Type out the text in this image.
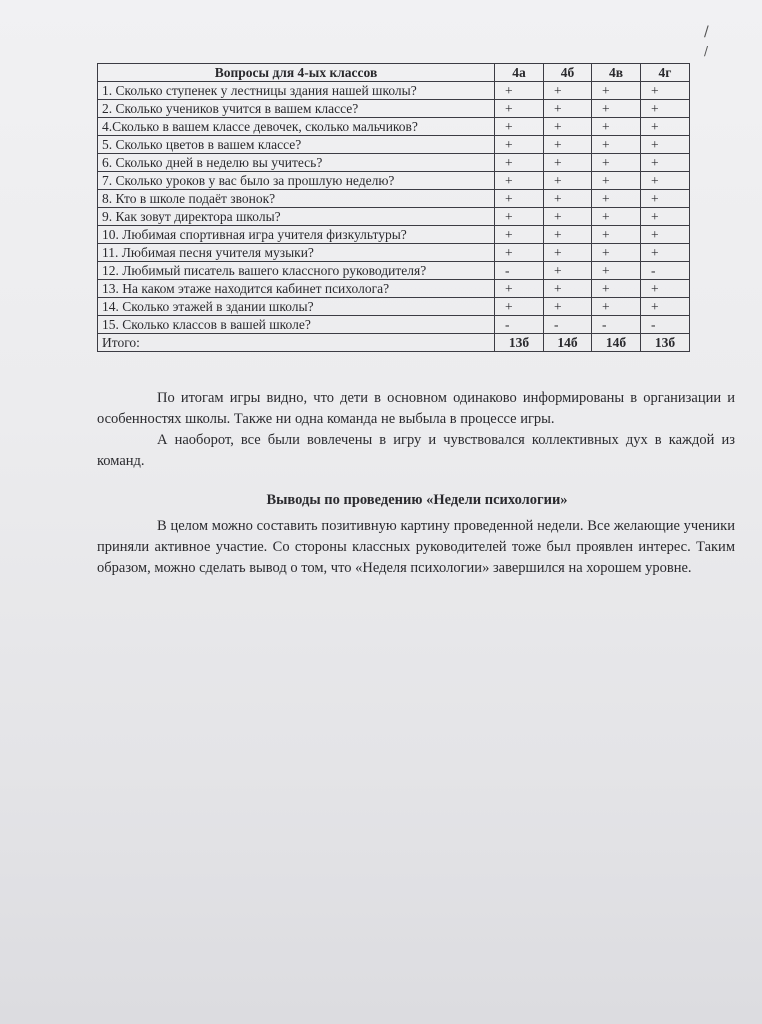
/
/
Вопросы для 4-ых классов	4а	4б	4в	4г
1. Сколько ступенек у лестницы здания нашей школы?	+	+	+	+
2. Сколько учеников учится в вашем классе?	+	+	+	+
4.Сколько в вашем классе девочек, сколько мальчиков?	+	+	+	+
5. Сколько цветов в вашем классе?	+	+	+	+
6. Сколько дней в неделю вы учитесь?	+	+	+	+
7. Сколько уроков у вас было за прошлую неделю?	+	+	+	+
8. Кто в школе подаёт звонок?	+	+	+	+
9. Как зовут директора школы?	+	+	+	+
10. Любимая спортивная игра учителя физкультуры?	+	+	+	+
11. Любимая песня учителя музыки?	+	+	+	+
12. Любимый писатель вашего классного руководителя?	-	+	+	-
13. На каком этаже находится кабинет психолога?	+	+	+	+
14. Сколько этажей в здании школы?	+	+	+	+
15. Сколько классов в вашей школе?	-	-	-	-
Итого:	13б	14б	14б	13б

По итогам игры видно, что дети в основном одинаково информированы в организации и особенностях школы. Также ни одна команда не выбыла в процессе игры.

А наоборот, все были вовлечены в игру и чувствовался коллективных дух в каждой из команд.

Выводы по проведению «Недели психологии»

В целом можно составить позитивную картину проведенной недели. Все желающие ученики приняли активное участие. Со стороны классных руководителей тоже был проявлен интерес. Таким образом, можно сделать вывод о том, что «Неделя психологии» завершился на хорошем уровне.
